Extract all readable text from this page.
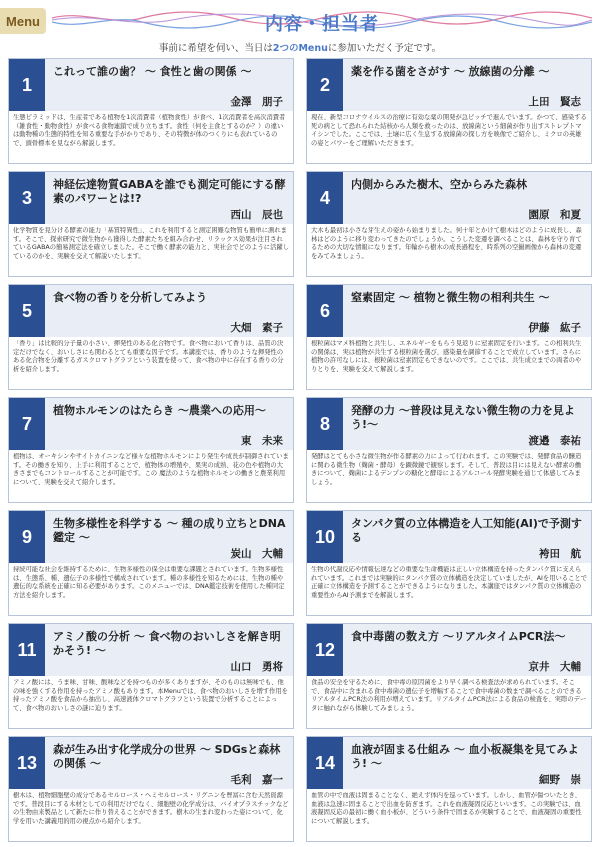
Menu	内容・担当者
事前に希望を伺い、当日は2つのMenuに参加いただく予定です。
1
これって誰の歯？ ～ 食性と歯の関係 ～
金澤　朋子
生態ピラミッドは、生産者である植物を1次消費者（植物食性）が食べ、1次消費者を高次消費者（雑食性・動物食性）が食べる食物連鎖で成り立ちます。食性（何を主食とするのか？）の違いは動物種の生態的特性を知る重要な手がかりであり、その特徴が体のつくりにも表れているので、頭骨標本を見ながら解説します。
2
薬を作る菌をさがす ～ 放線菌の分離 ～
上田　賢志
現在、新型コロナウイルスの治療に有効な薬の開発が急ピッチで進んでいます。かつて、感染する死の病として恐れられた結核から人類を救ったのは、放線菌という細菌が作り出すストレプトマイシンでした。ここでは、土壌に広く生息する放線菌の探し方を映像でご紹介し、ミクロの英雄の姿とパワーをご理解いただきます。
3
神経伝達物質GABAを誰でも測定可能にする酵素のパワーとは!?
西山　辰也
化学物質を見分ける酵素の能力「基質特異性」、これを利用すると測定困難な物質も簡単に測れます。そこで、探索研究で微生物から獲得した酵素たちを組み合わせ、リラックス効果が注目されているGABAの簡易測定法を確立しました。そこで働く酵素の能力と、実社会でどのように活躍しているのかを、実験を交えて解説いたします。
4
内側からみた樹木、空からみた森林
園原　和夏
大木も最初は小さな芽生えの姿から始まりました。何十年とかけて樹木はどのように成長し、森林はどのように移り変わってきたのでしょうか。こうした変遷を調べることは、森林を守り育てるための大切な情報になります。年輪から樹木の成長過程を、時系列の空撮画像から森林の変遷をみてみましょう。
5
食べ物の香りを分析してみよう
大畑　素子
「香り」は比較的分子量の小さい、揮発性のある化合物です。食べ物において香りは、品質の決定だけでなく、おいしさにも関わるとても重要な因子です。本講座では、香りのような揮発性のある化合物を分離するガスクロマトグラフという装置を使って、食べ物の中に存在する香りの分析を紹介します。
6
窒素固定 ～ 植物と微生物の相利共生 ～
伊藤　紘子
根粒菌はマメ科植物と共生し、エネルギーをもらう見返りに窒素固定を行います。この相利共生の関係は、実は植物が共生する根粒菌を選び、感染量を調節することで成立しています。さらに植物の許可なしには、根粒菌は窒素固定もできないのです。ここでは、共生成立までの両者のやりとりを、実験を交えて解説します。
7
植物ホルモンのはたらき ～農業への応用～
東　未来
植物は、オーキシンやサイトカイニンなど様々な植物ホルモンにより発生や成長が制御されています。その働きを知り、上手に利用することで、植物体の増殖や、果実の成熟、花の色や植物の大きさまでもコントロールすることが可能です。この 魔法のような植物ホルモンの働きと農業利用について、実験を交えて紹介します。
8
発酵の力 ～普段は見えない微生物の力を見よう!～
渡邉　泰祐
発酵はとても小さな微生物が作る酵素の力によって行われます。この実験では、発酵食品の醸造に関わる微生物（麹菌・酵母）を顕微鏡で観察します。そして、普段は目には見えない酵素の働きについて、麹菌によるデンプンの糖化と酵母によるアルコール発酵実験を通じて体感してみましょう。
9
生物多様性を科学する ～ 種の成り立ちとDNA鑑定 ～
炭山　大輔
持続可能な社会を維持するために、生物多様性の保全は重要な課題とされています。生物多様性は、生態系、種、遺伝子の多様性で構成されています。種の多様性を知るためには、生物の種や遺伝的な系統を正確に知る必要があります。このメニューでは、DNA鑑定技術を使用した種同定方法を紹介します。
10
タンパク質の立体構造を人工知能(AI)で予測する
袴田　航
生物の代謝反応や情報伝達などの重要な生命機能は正しい立体構造を持ったタンパク質に支えられています。これまでは実験的にタンパク質の立体構造を決定していましたが、AIを用いることで正確に立体構造を予測することができるようになりました。本講座ではタンパク質の立体構造の重要性からAI予測までを解説します。
11
アミノ酸の分析 ～ 食べ物のおいしさを解き明かそう! ～
山口　勇将
アミノ酸には、うま味、甘味、酸味などを持つものが多くありますが、そのものは無味でも、他の味を強くする作用を持ったアミノ酸もあります。本Menuでは、食べ物のおいしさを増す作用を持ったアミノ酸を食品から抽出し、高速液体クロマトグラフという装置で分析することによって、食べ物のおいしさの謎に迫ります。
12
食中毒菌の数え方 ～リアルタイムPCR法～
京井　大輔
食品の安全を守るために、食中毒の原因菌をより早く調べる検査法が求められています。そこで、食品中に含まれる食中毒菌の遺伝子を増幅することで食中毒菌の数まで調べることのできるリアルタイムPCR法の利用が増えています。リアルタイムPCR法による食品の検査を、実際のデータに触れながら体験してみましょう。
13
森が生み出す化学成分の世界 ～ SDGsと森林の関係 ～
毛利　嘉一
樹木は、植物細胞壁の成分であるセルロース・ヘミセルロース・リグニンを豊富に含む天然資源です。普段目にする木材としての利用だけでなく、細胞壁の化学成分は、バイオプラスチックなどの生物由来製品として新たに作り替えることができます。樹木の生まれ変わった姿について、化学を用いた講義用的用の視点から紹介します。
14
血液が固まる仕組み ～ 血小板凝集を見てみよう! ～
細野　崇
血管の中で血液は固まることなく、絶えず体内を巡っています。しかし、血管が傷ついたとき、血液は急速に固まることで出血を防ぎます。これを血液凝固反応といいます。この実験では、血液凝固反応の最初に働く血小板が、どういう条件で固まるか実験することで、血液凝固の重要性について解説します。
